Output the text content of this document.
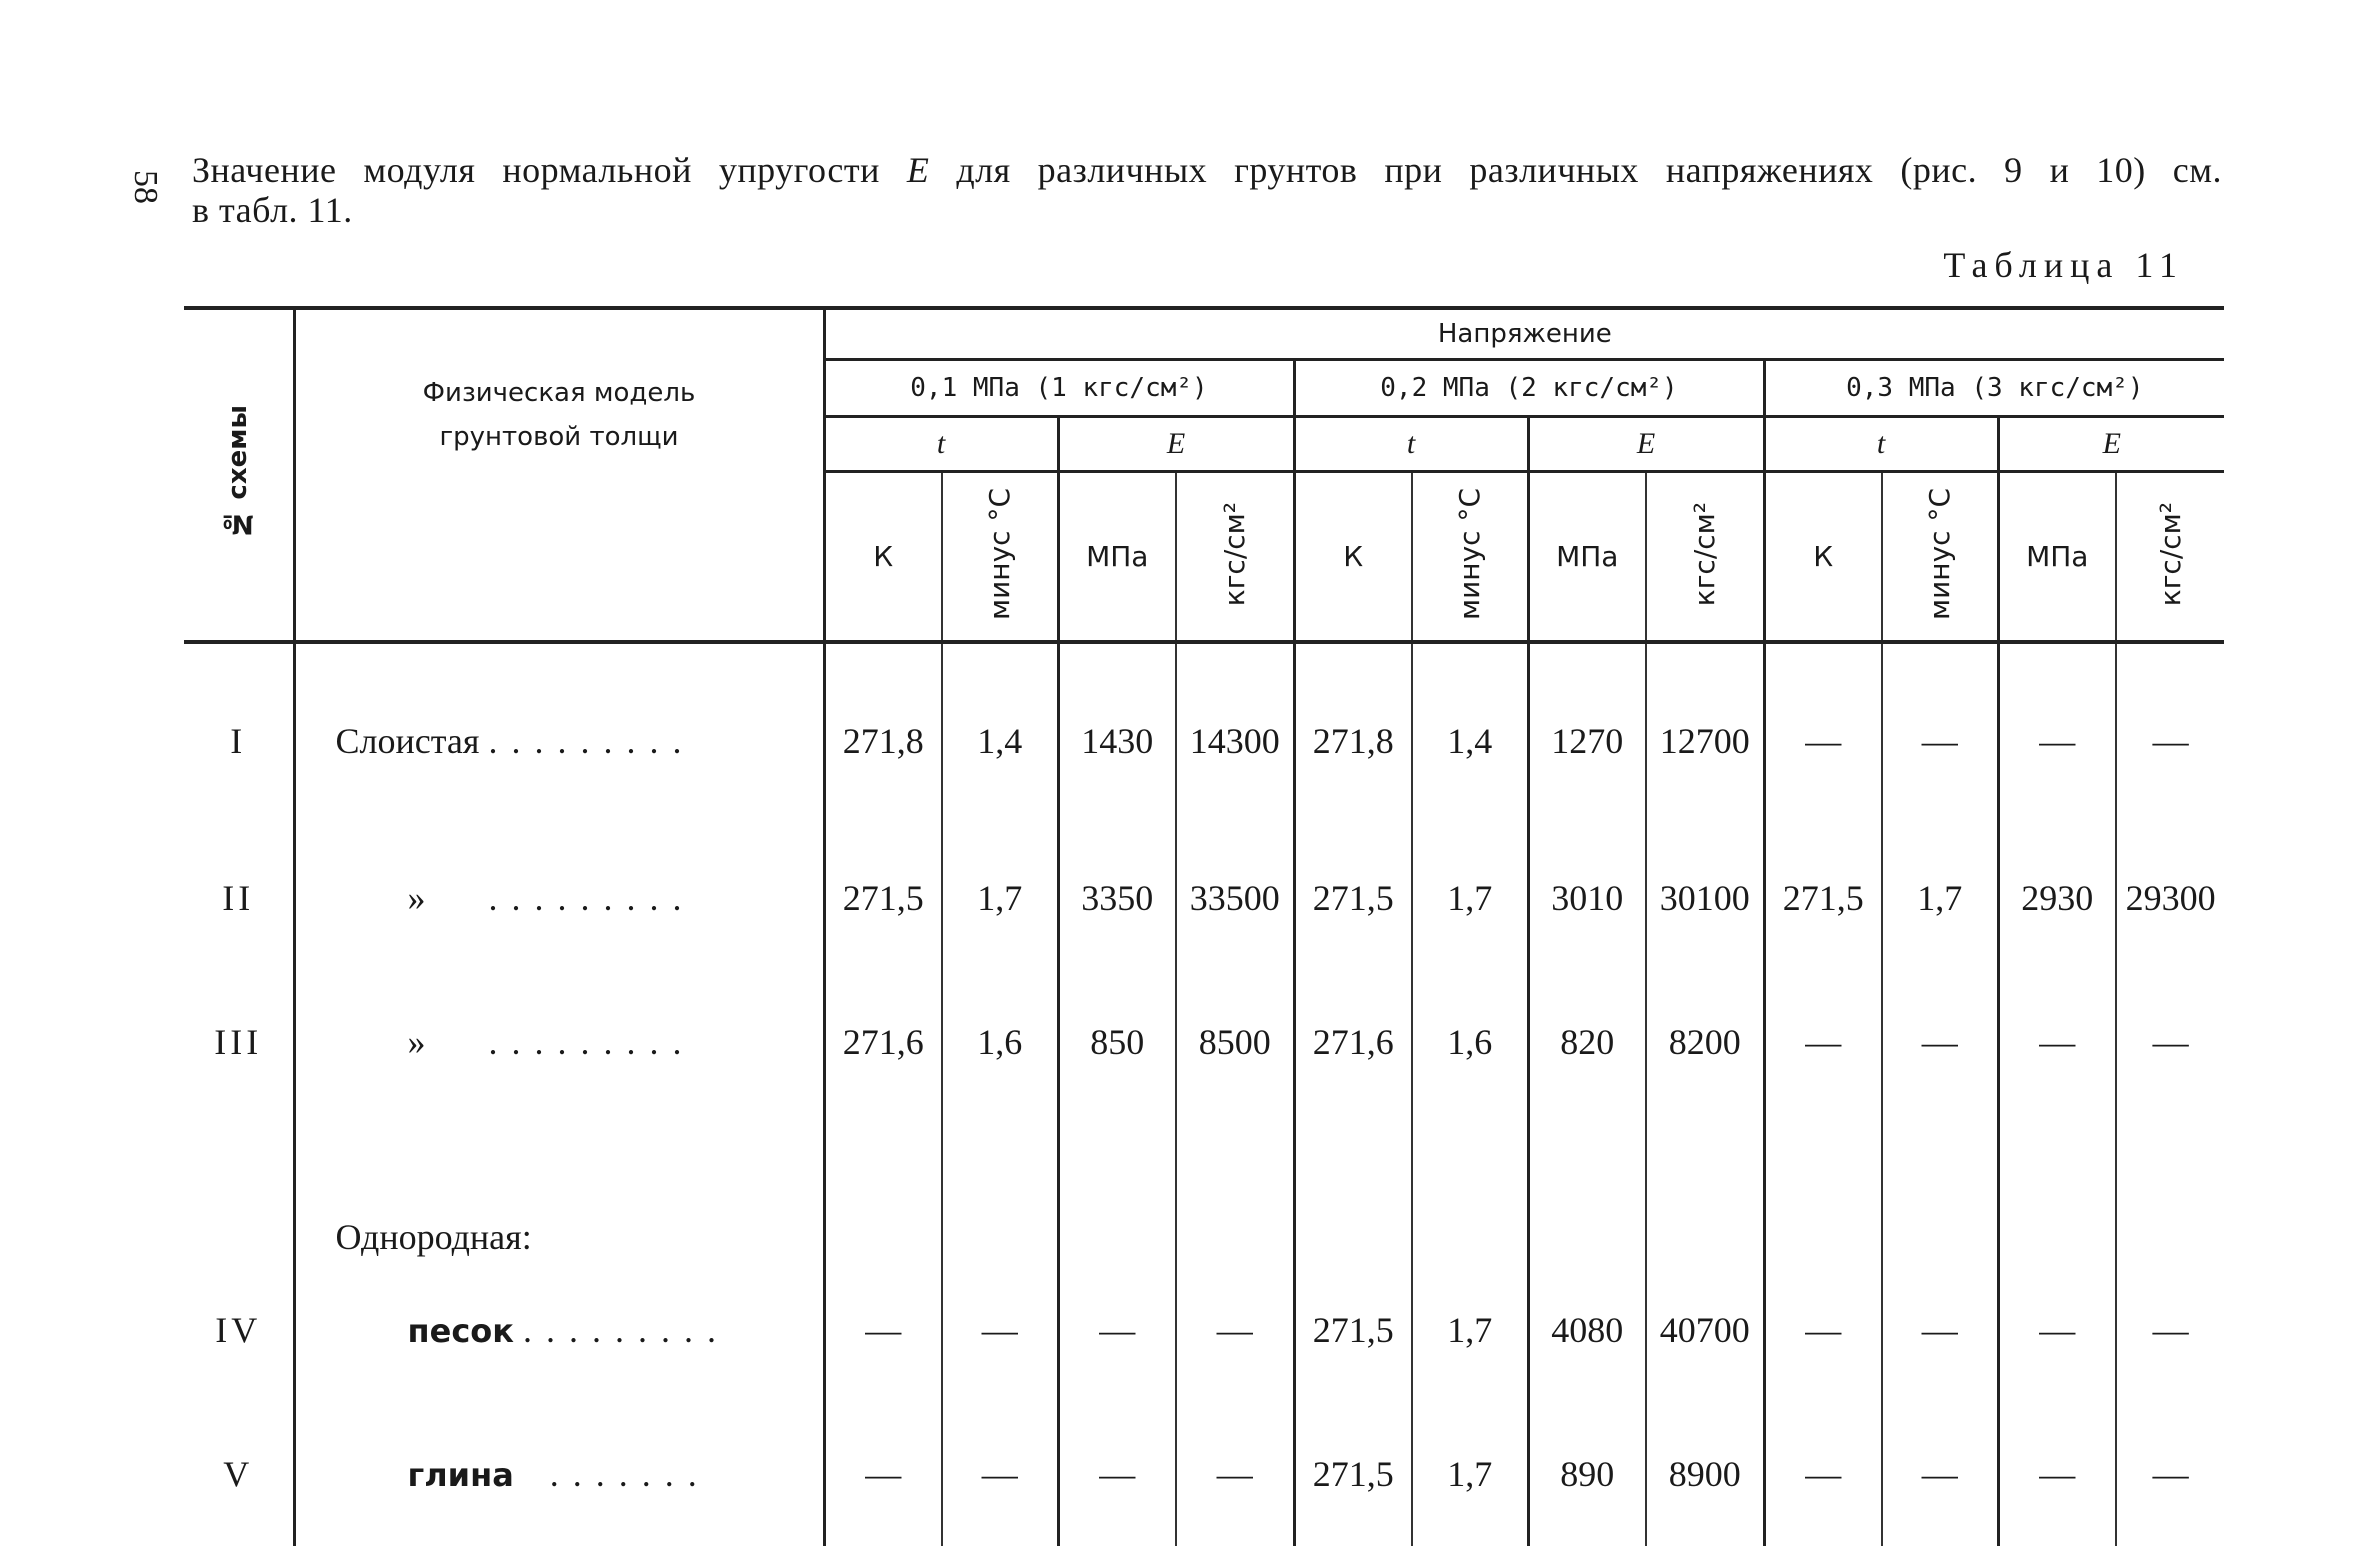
58 Значение модуля нормальной упругости E для различных грунтов при различных напряжениях (рис. 9 и 10) см.
в табл. 11.
Таблица 11
№ схемы	Физическая модель
грунтовой толщи	Напряжение											
		0,1 МПа (1 кгс/см²)				0,2 МПа (2 кгс/см²)				0,3 МПа (3 кгс/см²)			
		t		E		t		E		t		E	
		К	минус °C	МПа	кгс/см²	К	минус °C	МПа	кгс/см²	К	минус °C	МПа	кгс/см²

I	Слоистая .........	271,8	1,4	1430	14300	271,8	1,4	1270	12700	—	—	—	—
II	» .........	271,5	1,7	3350	33500	271,5	1,7	3010	30100	271,5	1,7	2930	29300
III	» .........	271,6	1,6	850	8500	271,6	1,6	820	8200	—	—	—	—
	Однородная:												
IV	песок .........	—	—	—	—	271,5	1,7	4080	40700	—	—	—	—
V	глина .......	—	—	—	—	271,5	1,7	890	8900	—	—	—	—
